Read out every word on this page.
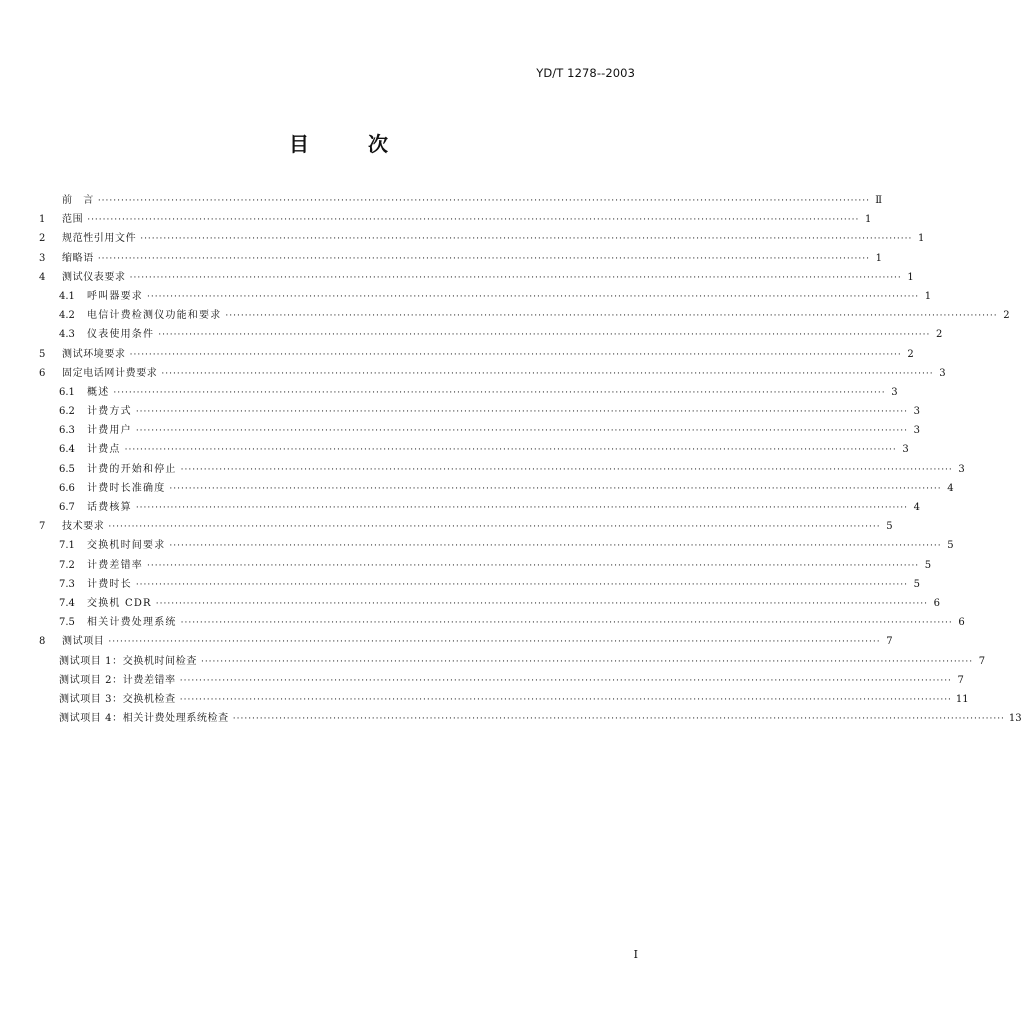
YD/T 1278--2003
目	次
前　言 ········································································································································································································ Ⅱ
1	范围 ········································································································································································································ 1
2	规范性引用文件 ········································································································································································································ 1
3	缩略语 ········································································································································································································ 1
4	测试仪表要求 ········································································································································································································ 1
4.1	呼叫器要求 ········································································································································································································ 1
4.2	电信计费检测仪功能和要求 ········································································································································································································ 2
4.3	仪表使用条件 ········································································································································································································ 2
5	测试环境要求 ········································································································································································································ 2
6	固定电话网计费要求 ········································································································································································································ 3
6.1	概述 ········································································································································································································ 3
6.2	计费方式 ········································································································································································································ 3
6.3	计费用户 ········································································································································································································ 3
6.4	计费点 ········································································································································································································ 3
6.5	计费的开始和停止 ········································································································································································································ 3
6.6	计费时长准确度 ········································································································································································································ 4
6.7	话费核算 ········································································································································································································ 4
7	技术要求 ········································································································································································································ 5
7.1	交换机时间要求 ········································································································································································································ 5
7.2	计费差错率 ········································································································································································································ 5
7.3	计费时长 ········································································································································································································ 5
7.4	交换机 CDR ········································································································································································································ 6
7.5	相关计费处理系统 ········································································································································································································ 6
8	测试项目 ········································································································································································································ 7
测试项目 1：交换机时间检查 ········································································································································································································ 7
测试项目 2：计费差错率 ········································································································································································································ 7
测试项目 3：交换机检查 ········································································································································································································ 11
测试项目 4：相关计费处理系统检查 ········································································································································································································ 13
I
